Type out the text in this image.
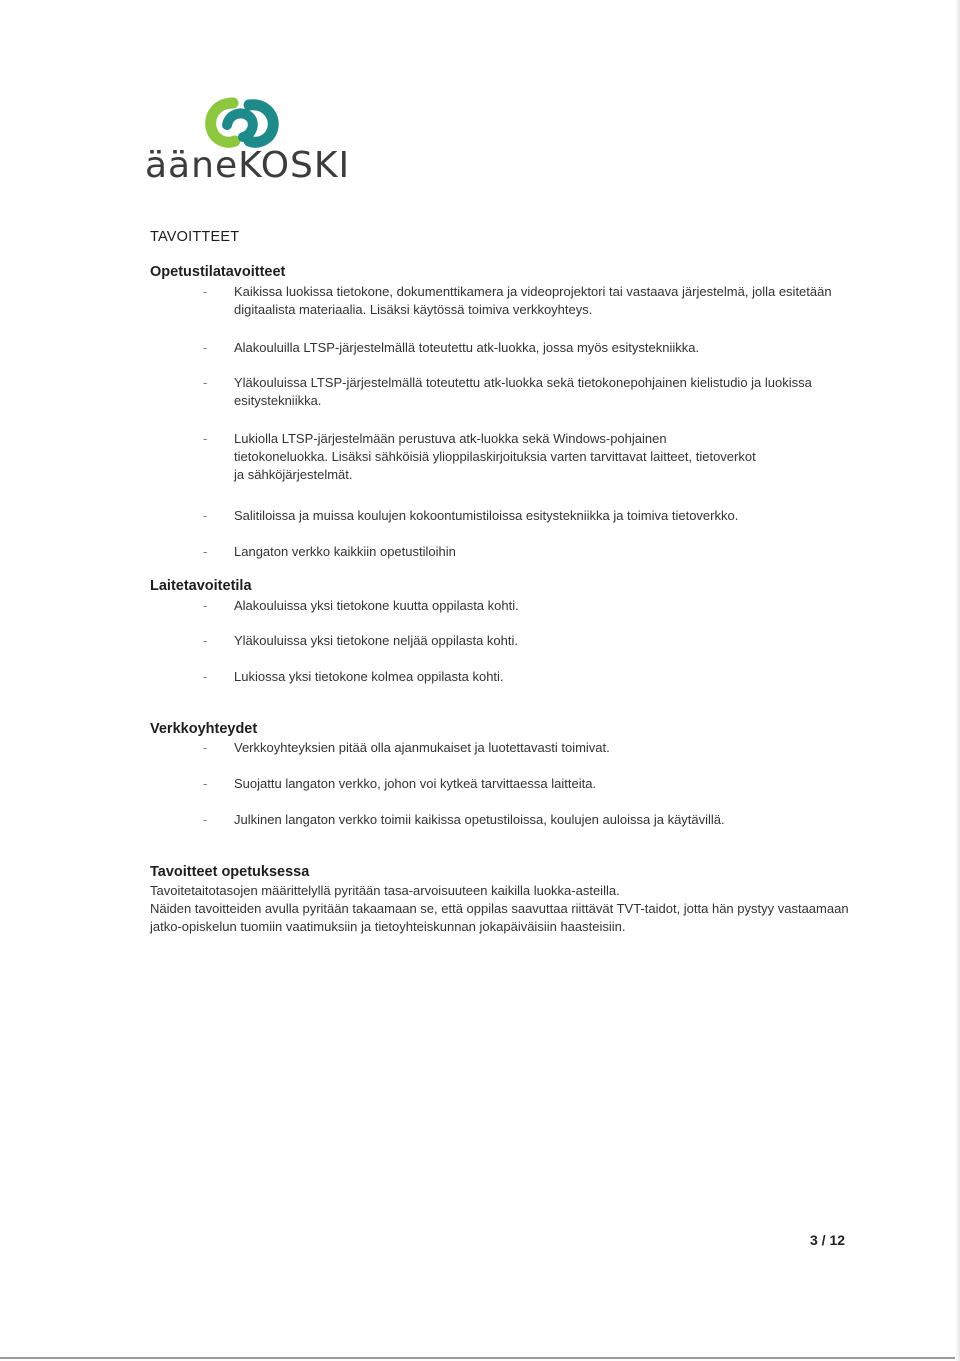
ääneKOSKI
TAVOITTEET
Opetustilatavoitteet
-	Kaikissa luokissa tietokone, dokumenttikamera ja videoprojektori tai vastaava järjestelmä, jolla esitetään digitaalista materiaalia. Lisäksi käytössä toimiva verkkoyhteys.
-	Alakouluilla LTSP-järjestelmällä toteutettu atk-luokka, jossa myös esitystekniikka.
-	Yläkouluissa LTSP-järjestelmällä toteutettu atk-luokka sekä tietokonepohjainen kielistudio ja luokissa esitystekniikka.
-	Lukiolla LTSP-järjestelmään perustuva atk-luokka sekä Windows-pohjainen tietokoneluokka. Lisäksi sähköisiä ylioppilaskirjoituksia varten tarvittavat laitteet, tietoverkot ja sähköjärjestelmät.
-	Salitiloissa ja muissa koulujen kokoontumistiloissa esitystekniikka ja toimiva tietoverkko.
-	Langaton verkko kaikkiin opetustiloihin
Laitetavoitetila
-	Alakouluissa yksi tietokone kuutta oppilasta kohti.
-	Yläkouluissa yksi tietokone neljää oppilasta kohti.
-	Lukiossa yksi tietokone kolmea oppilasta kohti.
Verkkoyhteydet
-	Verkkoyhteyksien pitää olla ajanmukaiset ja luotettavasti toimivat.
-	Suojattu langaton verkko, johon voi kytkeä tarvittaessa laitteita.
-	Julkinen langaton verkko toimii kaikissa opetustiloissa, koulujen auloissa ja käytävillä.
Tavoitteet opetuksessa
Tavoitetaitotasojen määrittelyllä pyritään tasa-arvoisuuteen kaikilla luokka-asteilla.
Näiden tavoitteiden avulla pyritään takaamaan se, että oppilas saavuttaa riittävät TVT-taidot, jotta hän pystyy vastaamaan jatko-opiskelun tuomiin vaatimuksiin ja tietoyhteiskunnan jokapäiväisiin haasteisiin.
3 / 12
